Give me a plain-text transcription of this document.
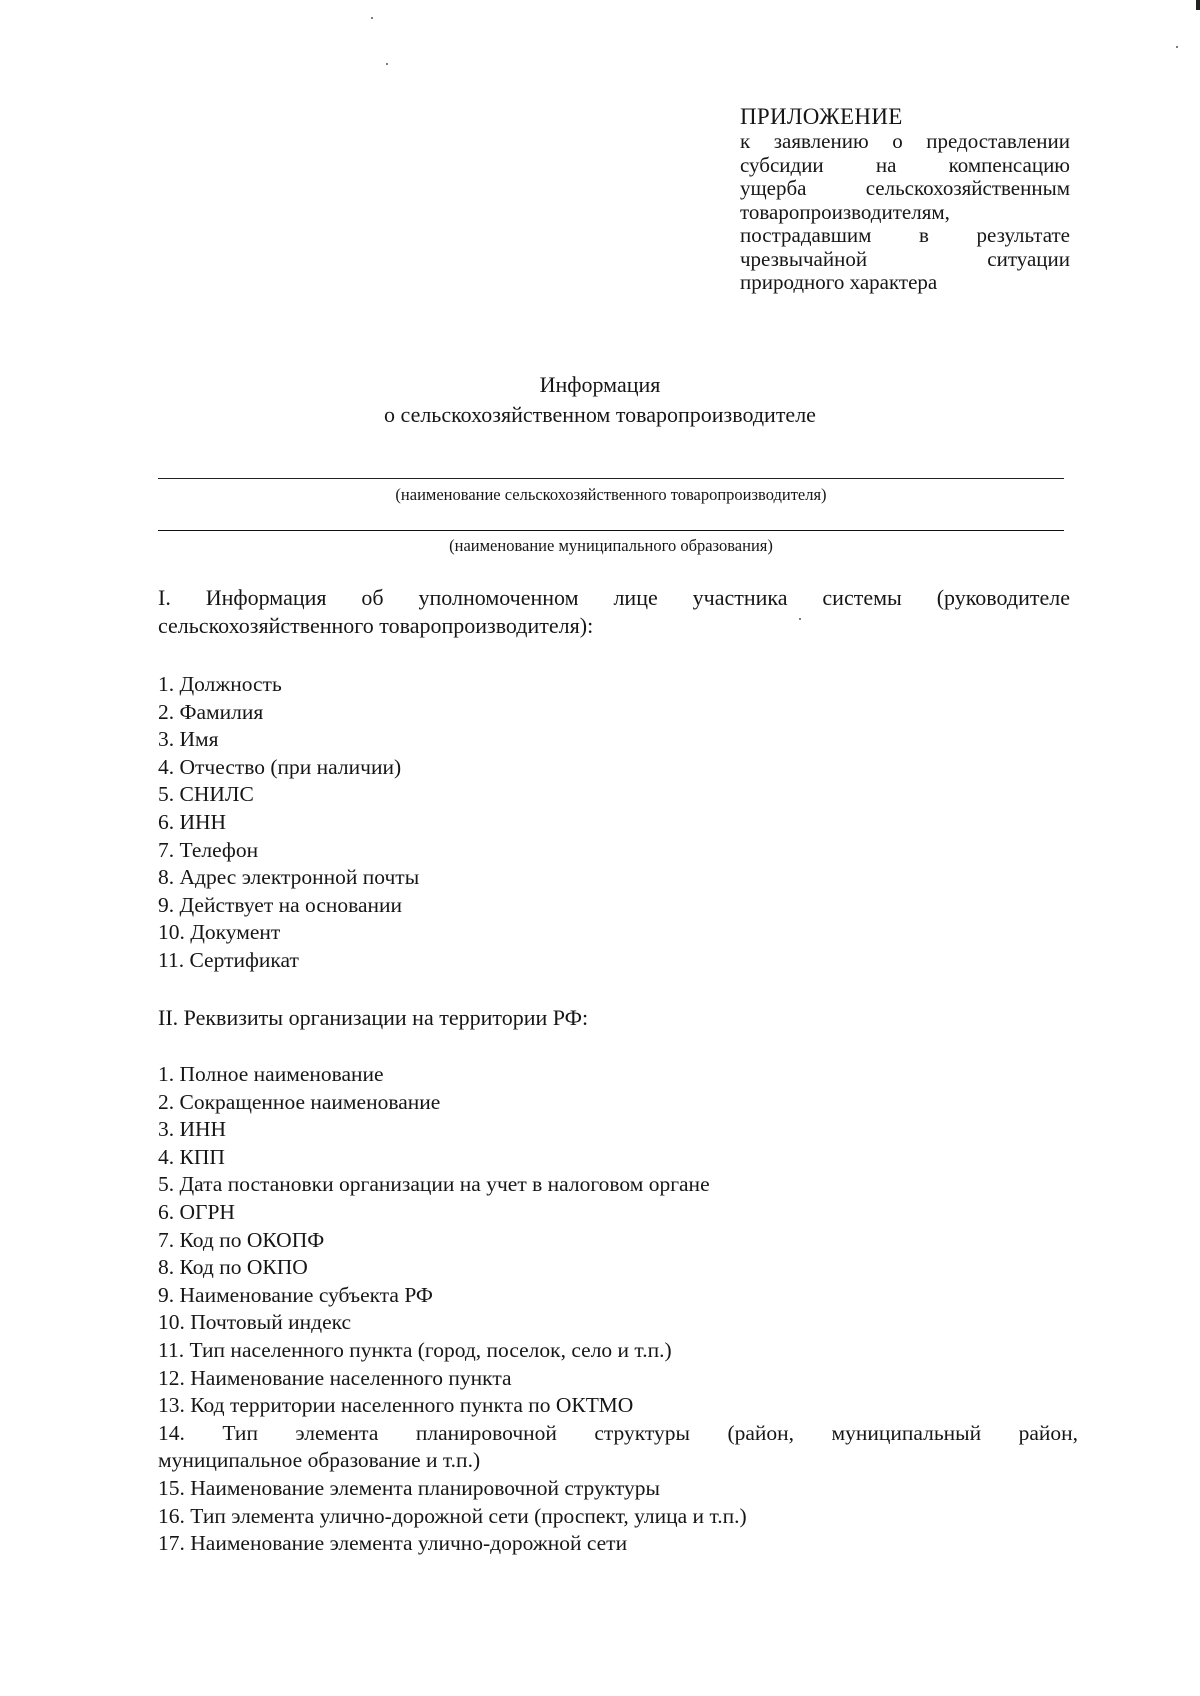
ПРИЛОЖЕНИЕ
к заявлению о предоставлении
субсидии на компенсацию
ущерба сельскохозяйственным
товаропроизводителям,
пострадавшим в результате
чрезвычайной ситуации
природного характера
Информация
о сельскохозяйственном товаропроизводителе
(наименование сельскохозяйственного товаропроизводителя)
(наименование муниципального образования)
I. Информация об уполномоченном лице участника системы (руководителе
сельскохозяйственного товаропроизводителя):
1. Должность
2. Фамилия
3. Имя
4. Отчество (при наличии)
5. СНИЛС
6. ИНН
7. Телефон
8. Адрес электронной почты
9. Действует на основании
10. Документ
11. Сертификат
II. Реквизиты организации на территории РФ:
1. Полное наименование
2. Сокращенное наименование
3. ИНН
4. КПП
5. Дата постановки организации на учет в налоговом органе
6. ОГРН
7. Код по ОКОПФ
8. Код по ОКПО
9. Наименование субъекта РФ
10. Почтовый индекс
11. Тип населенного пункта (город, поселок, село и т.п.)
12. Наименование населенного пункта
13. Код территории населенного пункта по ОКТМО
14. Тип элемента планировочной структуры (район, муниципальный район,
муниципальное образование и т.п.)
15. Наименование элемента планировочной структуры
16. Тип элемента улично-дорожной сети (проспект, улица и т.п.)
17. Наименование элемента улично-дорожной сети
